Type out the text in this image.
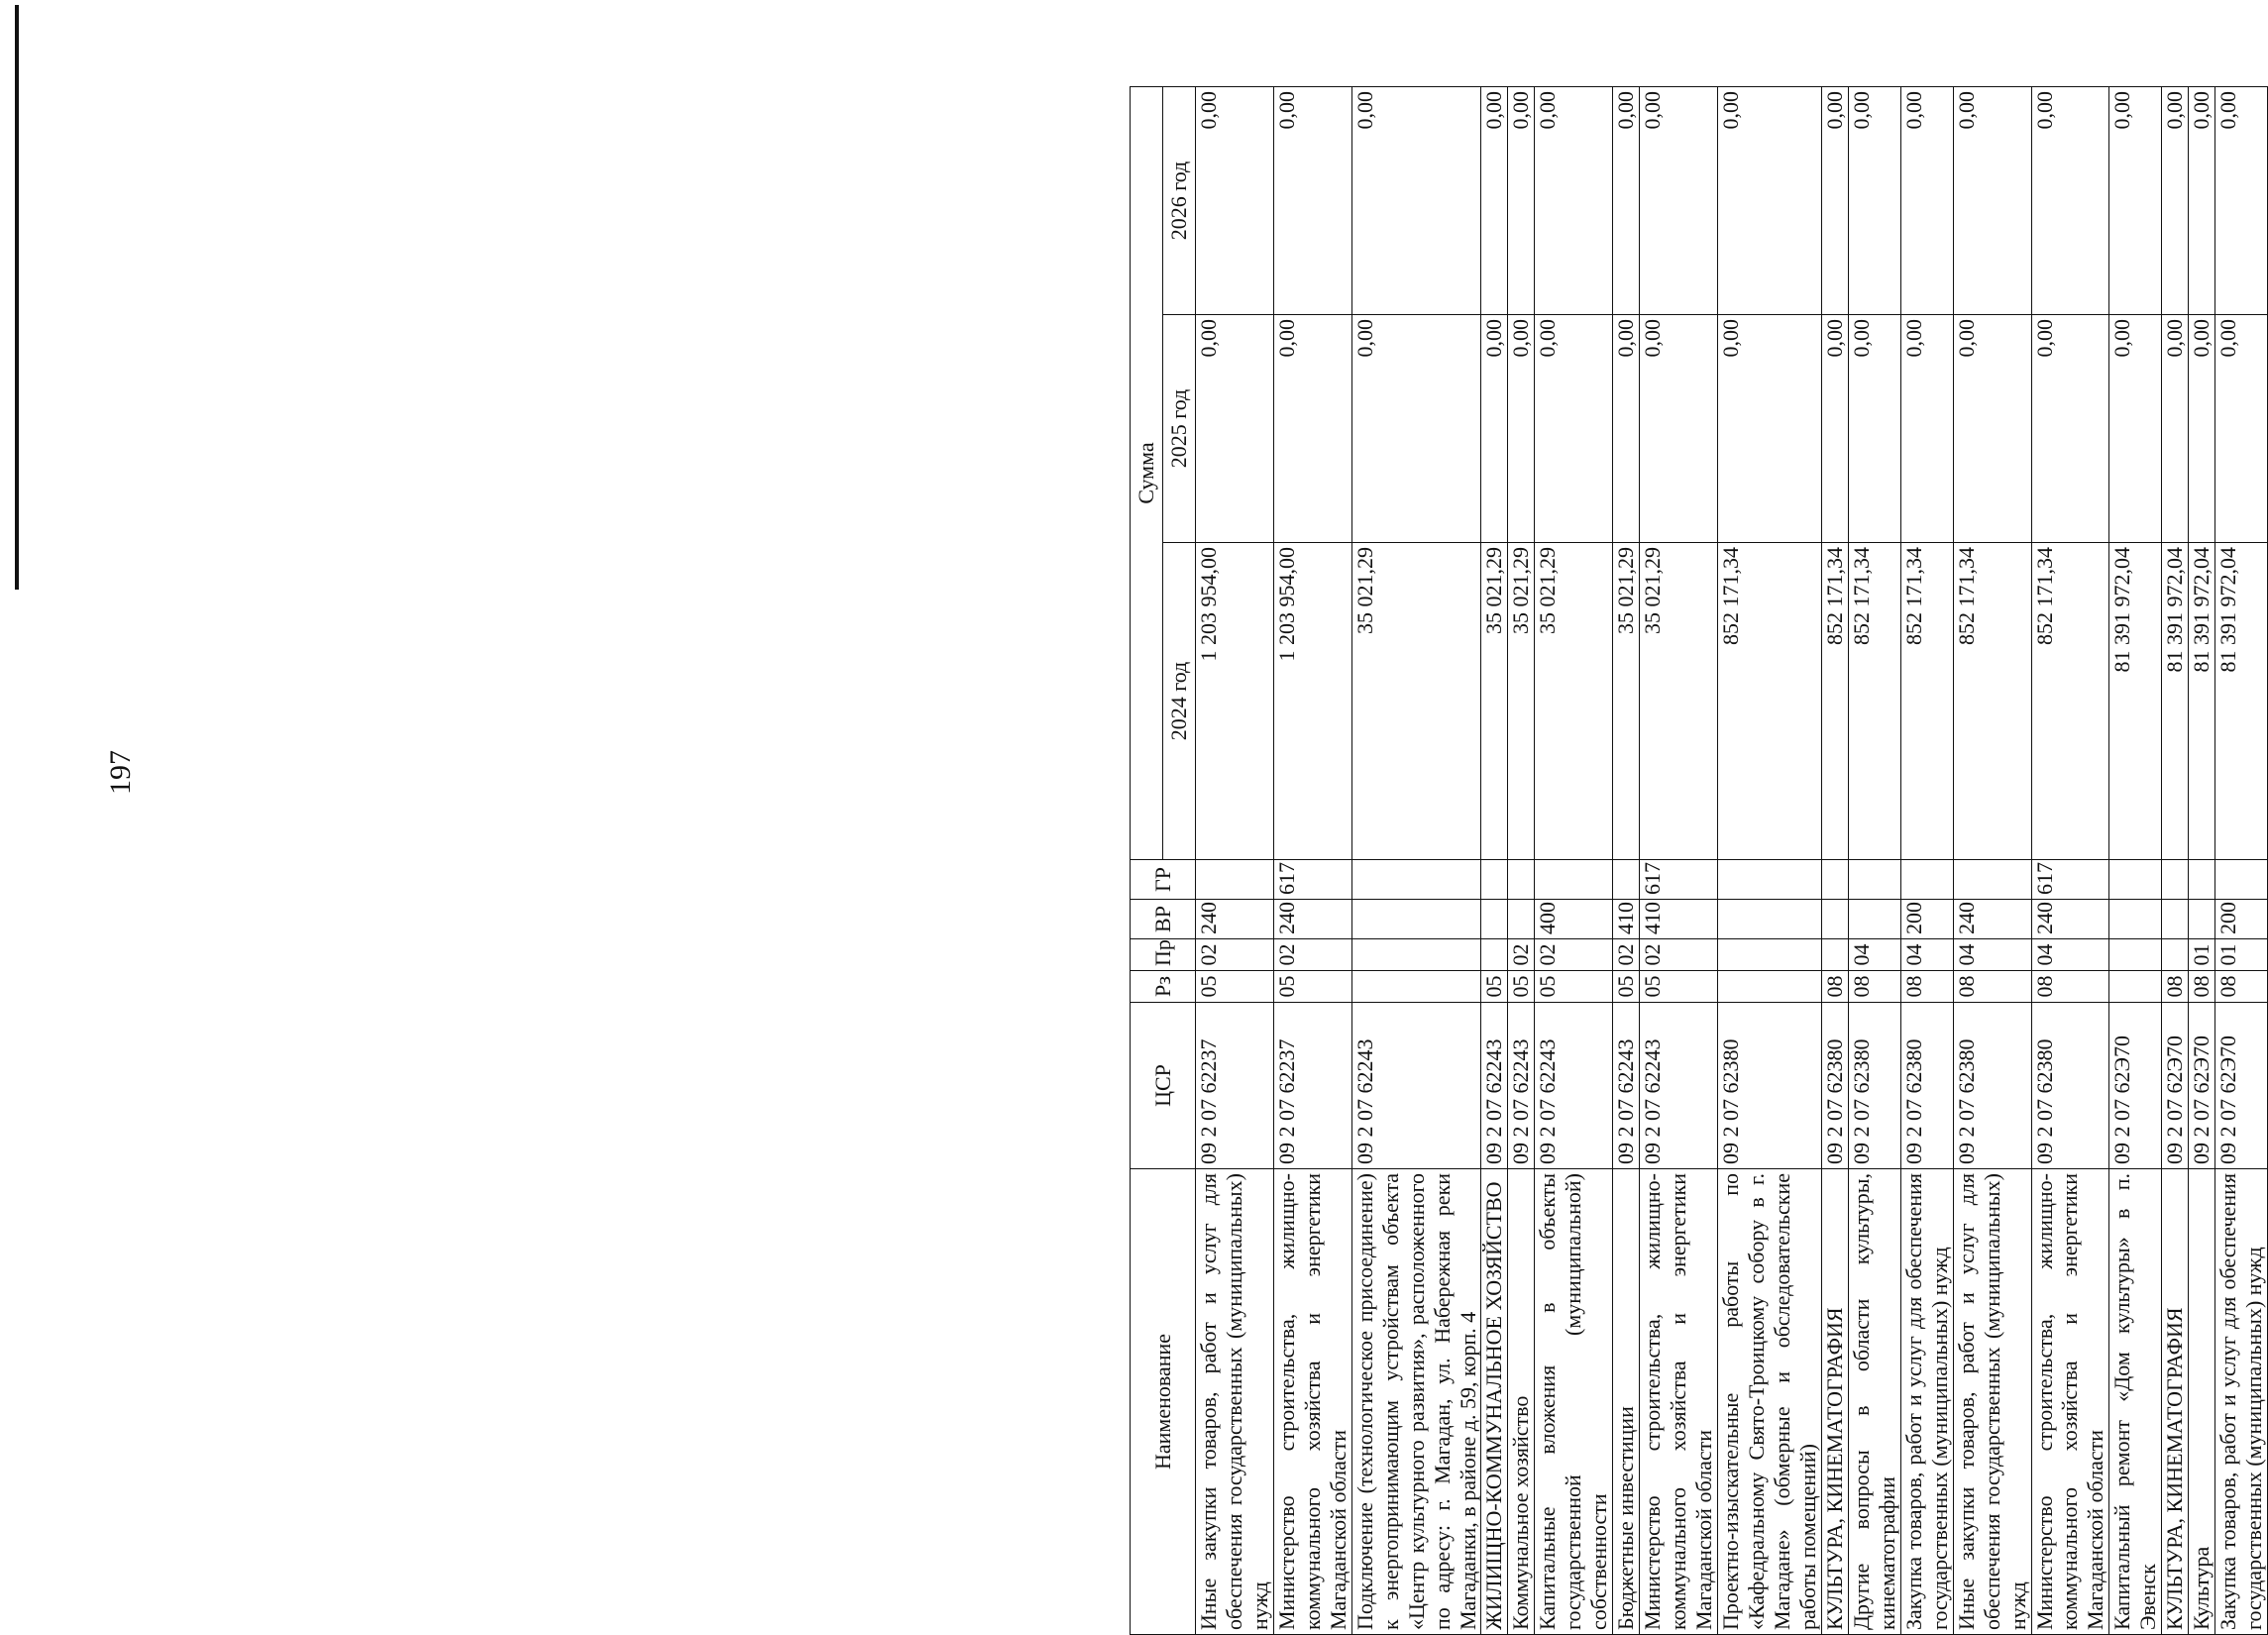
197
Наименование	ЦСР	Рз	Пр	ВР	ГР	Сумма		
						2024 год	2025 год	2026 год
Иные закупки товаров, работ и услуг для обеспечения государственных (муниципальных) нужд	09 2 07 62237	05	02	240		1 203 954,00	0,00	0,00
Министерство строительства, жилищно-коммунального хозяйства и энергетики Магаданской области	09 2 07 62237	05	02	240	617	1 203 954,00	0,00	0,00
Подключение (технологическое присоединение) к энергопринимающим устройствам объекта «Центр культурного развития», расположенного по адресу: г. Магадан, ул. Набережная реки Магаданки, в районе д. 59, корп. 4	09 2 07 62243					35 021,29	0,00	0,00
ЖИЛИЩНО-КОММУНАЛЬНОЕ ХОЗЯЙСТВО	09 2 07 62243	05				35 021,29	0,00	0,00
Коммунальное хозяйство	09 2 07 62243	05	02			35 021,29	0,00	0,00
Капитальные вложения в объекты государственной (муниципальной) собственности	09 2 07 62243	05	02	400		35 021,29	0,00	0,00
Бюджетные инвестиции	09 2 07 62243	05	02	410		35 021,29	0,00	0,00
Министерство строительства, жилищно-коммунального хозяйства и энергетики Магаданской области	09 2 07 62243	05	02	410	617	35 021,29	0,00	0,00
Проектно-изыскательные работы по «Кафедральному Свято-Троицкому собору в г. Магадане» (обмерные и обследовательские работы помещений)	09 2 07 62380					852 171,34	0,00	0,00
КУЛЬТУРА, КИНЕМАТОГРАФИЯ	09 2 07 62380	08				852 171,34	0,00	0,00
Другие вопросы в области культуры, кинематографии	09 2 07 62380	08	04			852 171,34	0,00	0,00
Закупка товаров, работ и услуг для обеспечения государственных (муниципальных) нужд	09 2 07 62380	08	04	200		852 171,34	0,00	0,00
Иные закупки товаров, работ и услуг для обеспечения государственных (муниципальных) нужд	09 2 07 62380	08	04	240		852 171,34	0,00	0,00
Министерство строительства, жилищно-коммунального хозяйства и энергетики Магаданской области	09 2 07 62380	08	04	240	617	852 171,34	0,00	0,00
Капитальный ремонт «Дом культуры» в п. Эвенск	09 2 07 62Э70					81 391 972,04	0,00	0,00
КУЛЬТУРА, КИНЕМАТОГРАФИЯ	09 2 07 62Э70	08				81 391 972,04	0,00	0,00
Культура	09 2 07 62Э70	08	01			81 391 972,04	0,00	0,00
Закупка товаров, работ и услуг для обеспечения государственных (муниципальных) нужд	09 2 07 62Э70	08	01	200		81 391 972,04	0,00	0,00
